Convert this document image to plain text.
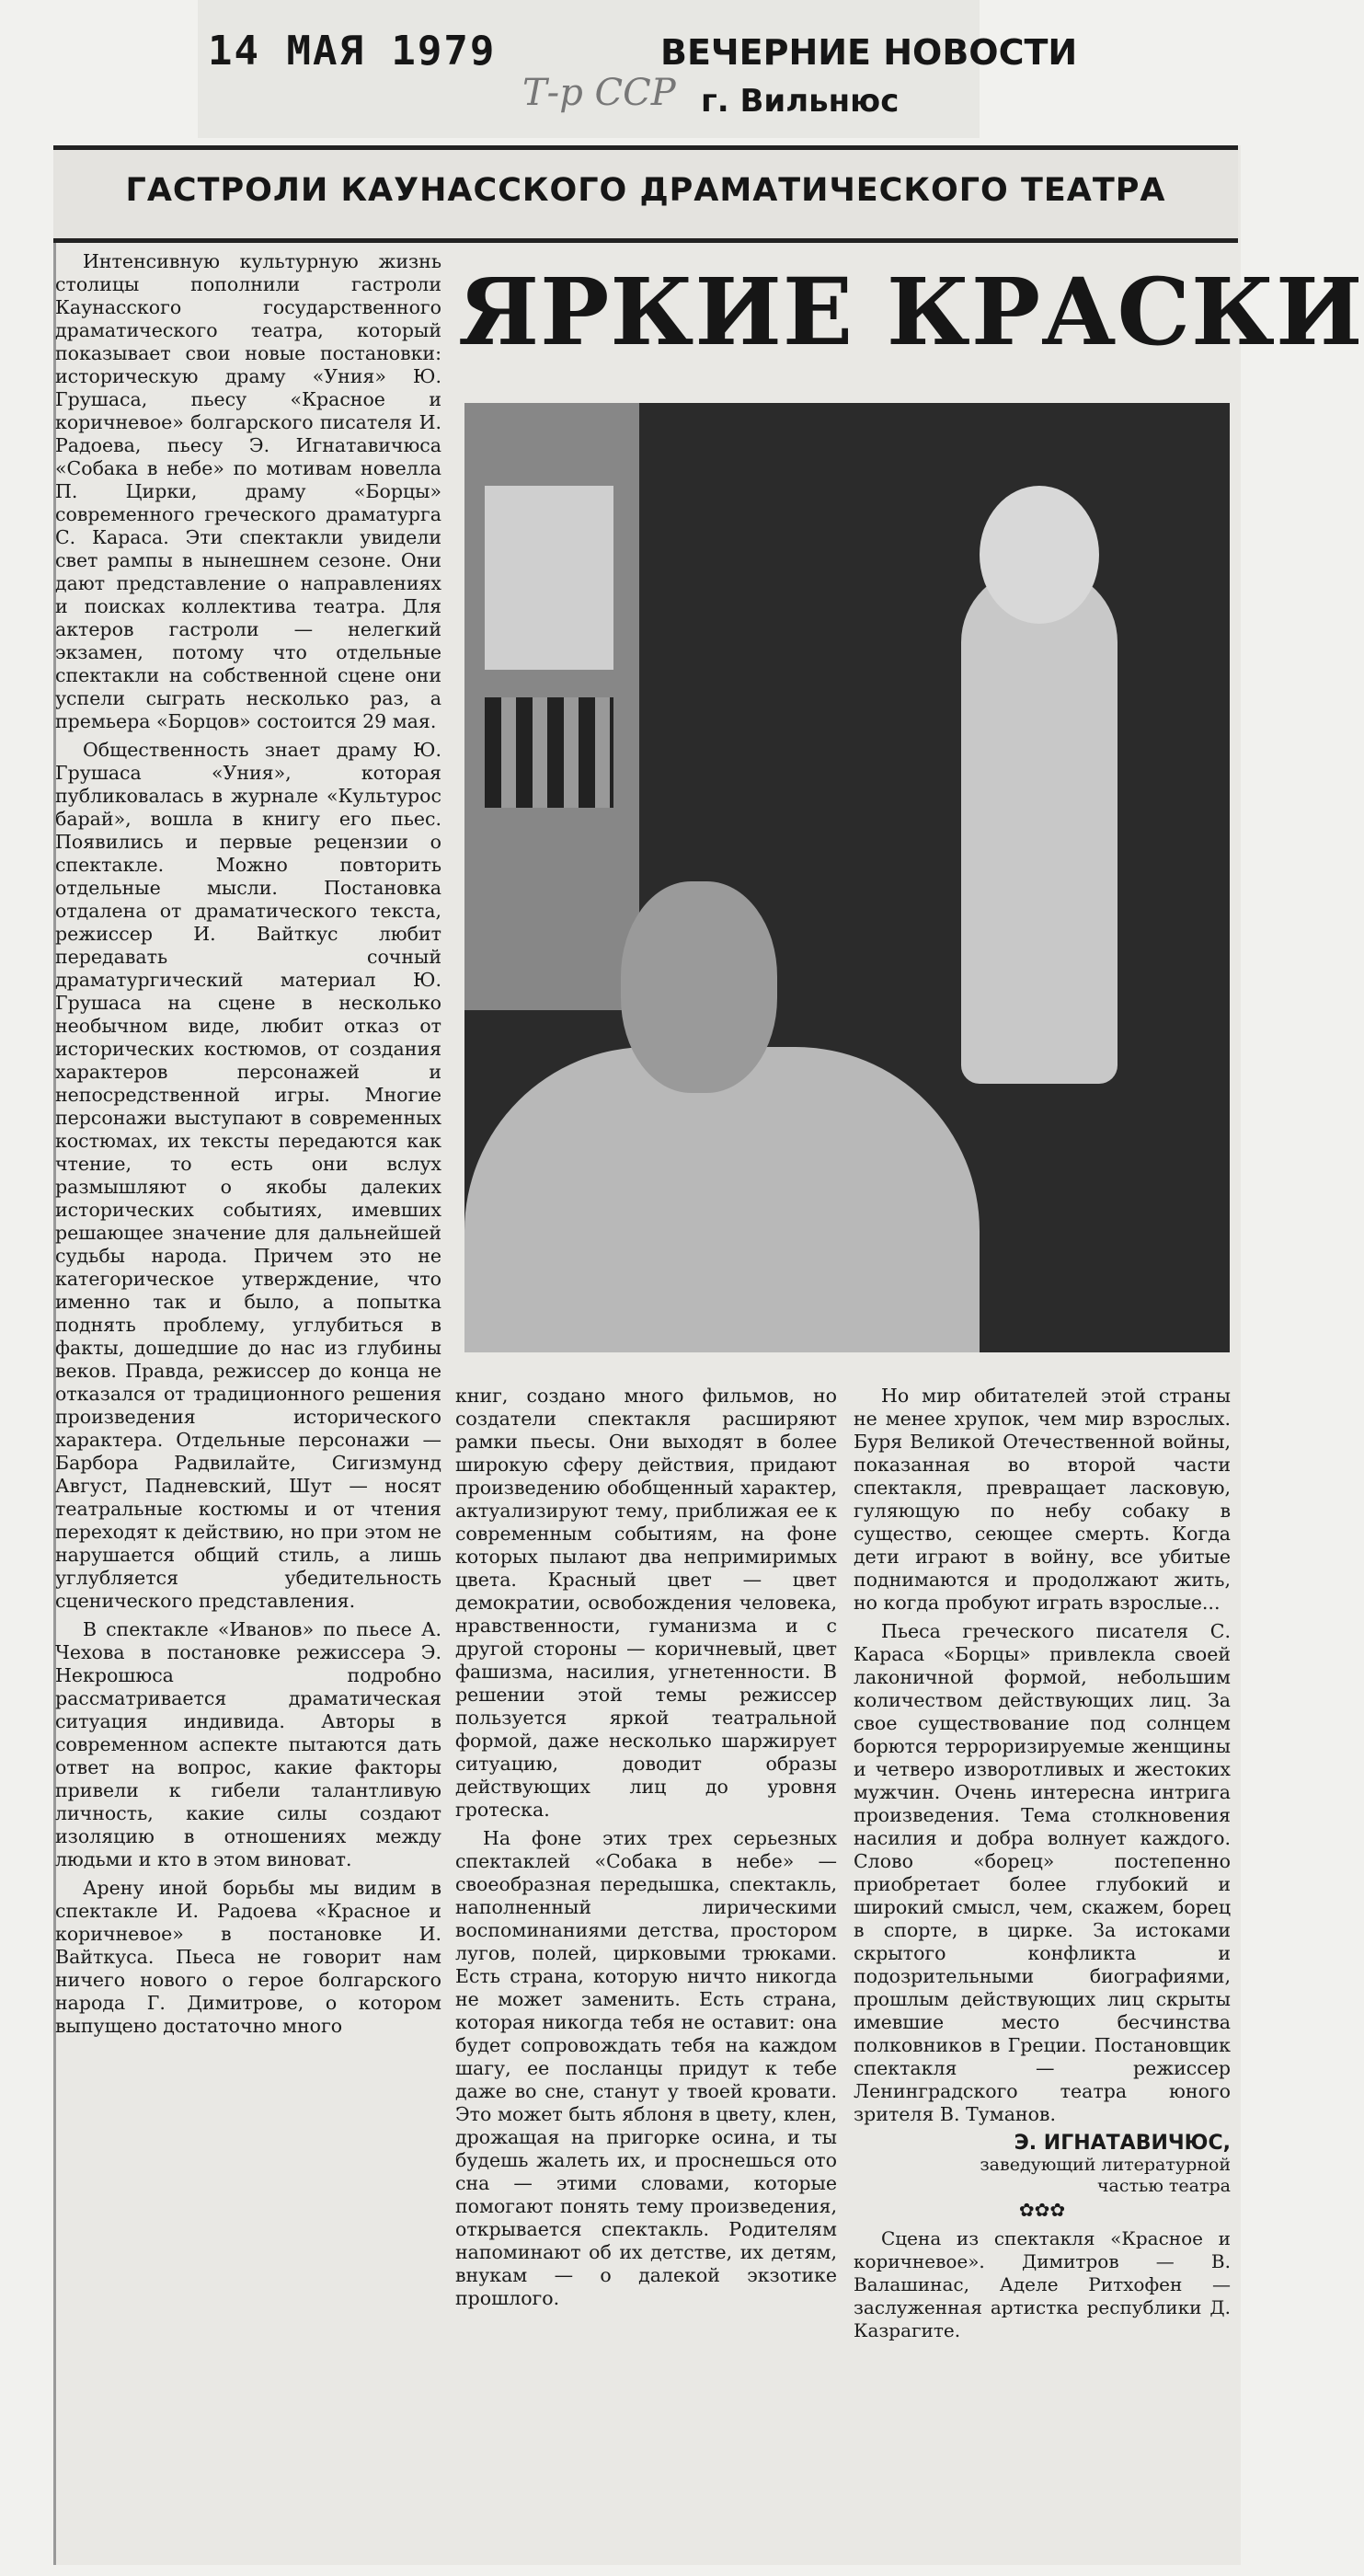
14 МАЯ 1979	ВЕЧЕРНИЕ НОВОСТИ
г. Вильнюс
Т-р ССР
ГАСТРОЛИ КАУНАССКОГО ДРАМАТИЧЕСКОГО ТЕАТРА
ЯРКИЕ КРАСКИ

Интенсивную культурную жизнь столицы пополнили гастроли Каунасского государственного драматического театра, который показывает свои новые постановки: историческую драму «Уния» Ю. Грушаса, пьесу «Красное и коричневое» болгарского писателя И. Радоева, пьесу Э. Игнатавичюса «Собака в небе» по мотивам новелла П. Цирки, драму «Борцы» современного греческого драматурга С. Караса. Эти спектакли увидели свет рампы в нынешнем сезоне. Они дают представление о направлениях и поисках коллектива театра. Для актеров гастроли — нелегкий экзамен, потому что отдельные спектакли на собственной сцене они успели сыграть несколько раз, а премьера «Борцов» состоится 29 мая.

Общественность знает драму Ю. Грушаса «Уния», которая публиковалась в журнале «Культурос барай», вошла в книгу его пьес. Появились и первые рецензии о спектакле. Можно повторить отдельные мысли. Постановка отдалена от драматического текста, режиссер И. Вайткус любит передавать сочный драматургический материал Ю. Грушаса на сцене в несколько необычном виде, любит отказ от исторических костюмов, от создания характеров персонажей и непосредственной игры. Многие персонажи выступают в современных костюмах, их тексты передаются как чтение, то есть они вслух размышляют о якобы далеких исторических событиях, имевших решающее значение для дальнейшей судьбы народа. Причем это не категорическое утверждение, что именно так и было, а попытка поднять проблему, углубиться в факты, дошедшие до нас из глубины веков. Правда, режиссер до конца не отказался от традиционного решения произведения исторического характера. Отдельные персонажи — Барбора Радвилайте, Сигизмунд Август, Падневский, Шут — носят театральные костюмы и от чтения переходят к действию, но при этом не нарушается общий стиль, а лишь углубляется убедительность сценического представления.

В спектакле «Иванов» по пьесе А. Чехова в постановке режиссера Э. Некрошюса подробно рассматривается драматическая ситуация индивида. Авторы в современном аспекте пытаются дать ответ на вопрос, какие факторы привели к гибели талантливую личность, какие силы создают изоляцию в отношениях между людьми и кто в этом виноват.

Арену иной борьбы мы видим в спектакле И. Радоева «Красное и коричневое» в постановке И. Вайткуса. Пьеса не говорит нам ничего нового о герое болгарского народа Г. Димитрове, о котором выпущено достаточно много

книг, создано много фильмов, но создатели спектакля расширяют рамки пьесы. Они выходят в более широкую сферу действия, придают произведению обобщенный характер, актуализируют тему, приближая ее к современным событиям, на фоне которых пылают два непримиримых цвета. Красный цвет — цвет демократии, освобождения человека, нравственности, гуманизма и с другой стороны — коричневый, цвет фашизма, насилия, угнетенности. В решении этой темы режиссер пользуется яркой театральной формой, даже несколько шаржирует ситуацию, доводит образы действующих лиц до уровня гротеска.

На фоне этих трех серьезных спектаклей «Собака в небе» — своеобразная передышка, спектакль, наполненный лирическими воспоминаниями детства, простором лугов, полей, цирковыми трюками. Есть страна, которую ничто никогда не может заменить. Есть страна, которая никогда тебя не оставит: она будет сопровождать тебя на каждом шагу, ее посланцы придут к тебе даже во сне, станут у твоей кровати. Это может быть яблоня в цвету, клен, дрожащая на пригорке осина, и ты будешь жалеть их, и проснешься ото сна — этими словами, которые помогают понять тему произведения, открывается спектакль. Родителям напоминают об их детстве, их детям, внукам — о далекой экзотике прошлого.

Но мир обитателей этой страны не менее хрупок, чем мир взрослых. Буря Великой Отечественной войны, показанная во второй части спектакля, превращает ласковую, гуляющую по небу собаку в существо, сеющее смерть. Когда дети играют в войну, все убитые поднимаются и продолжают жить, но когда пробуют играть взрослые...

Пьеса греческого писателя С. Караса «Борцы» привлекла своей лаконичной формой, небольшим количеством действующих лиц. За свое существование под солнцем борются терроризируемые женщины и четверо изворотливых и жестоких мужчин. Очень интересна интрига произведения. Тема столкновения насилия и добра волнует каждого. Слово «борец» постепенно приобретает более глубокий и широкий смысл, чем, скажем, борец в спорте, в цирке. За истоками скрытого конфликта и подозрительными биографиями, прошлым действующих лиц скрыты имевшие место бесчинства полковников в Греции. Постановщик спектакля — режиссер Ленинградского театра юного зрителя В. Туманов.

Э. ИГНАТАВИЧЮС,
заведующий литературной
частью театра
✿✿✿
Сцена из спектакля «Красное и коричневое». Димитров — В. Валашинас, Аделе Ритхофен — заслуженная артистка республики Д. Казрагите.
